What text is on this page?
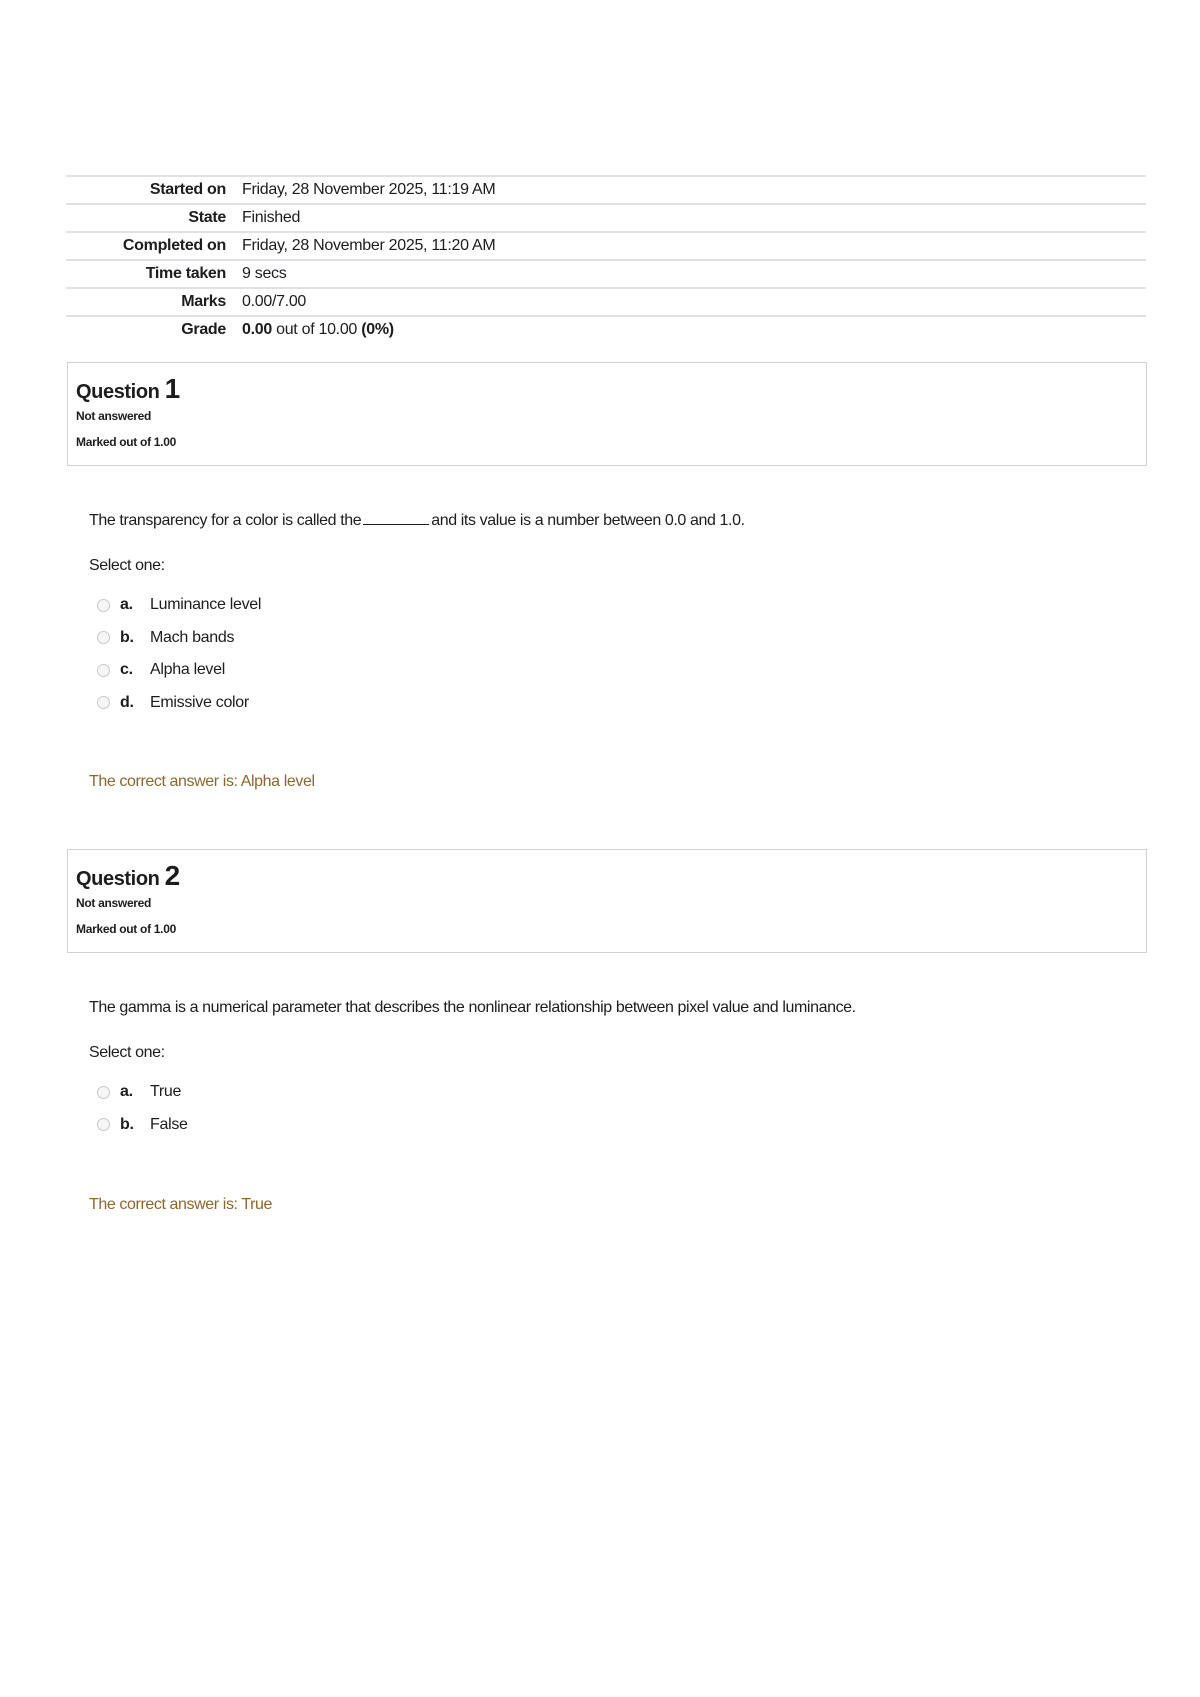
Started on	Friday, 28 November 2025, 11:19 AM
State	Finished
Completed on	Friday, 28 November 2025, 11:20 AM
Time taken	9 secs
Marks	0.00/7.00
Grade	0.00 out of 10.00 (0%)
Question 1
Not answered
Marked out of 1.00
The transparency for a color is called the	and its value is a number between 0.0 and 1.0.
Select one:
a.	Luminance level
b.	Mach bands
c.	Alpha level
d.	Emissive color
The correct answer is: Alpha level
Question 2
Not answered
Marked out of 1.00
The gamma is a numerical parameter that describes the nonlinear relationship between pixel value and luminance.
Select one:
a.	True
b.	False
The correct answer is: True
